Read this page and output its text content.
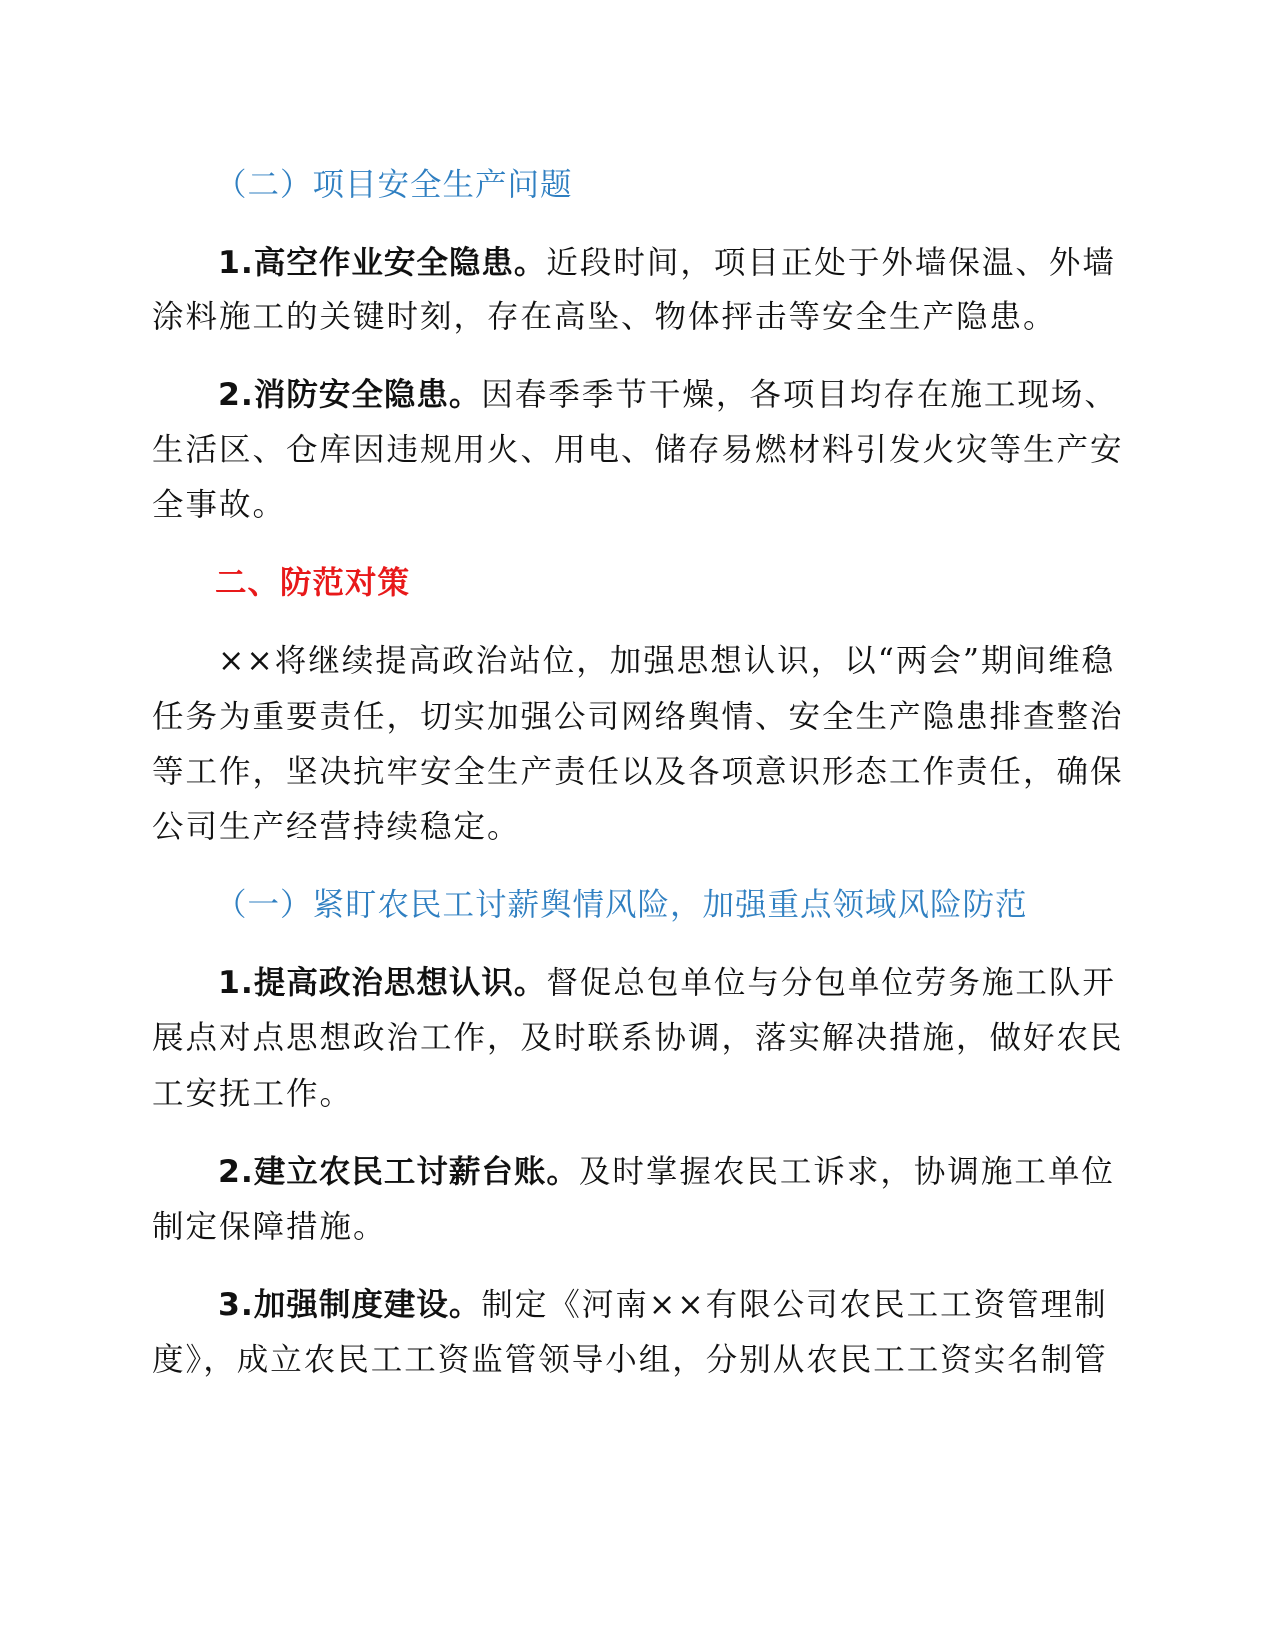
（二）项目安全生产问题
1.高空作业安全隐患。近段时间，项目正处于外墙保温、外墙
涂料施工的关键时刻，存在高坠、物体抨击等安全生产隐患。
2.消防安全隐患。因春季季节干燥，各项目均存在施工现场、
生活区、仓库因违规用火、用电、储存易燃材料引发火灾等生产安
全事故。
二、防范对策
××将继续提高政治站位，加强思想认识，以“两会”期间维稳
任务为重要责任，切实加强公司网络舆情、安全生产隐患排查整治
等工作，坚决抗牢安全生产责任以及各项意识形态工作责任，确保
公司生产经营持续稳定。
（一）紧盯农民工讨薪舆情风险，加强重点领域风险防范
1.提高政治思想认识。督促总包单位与分包单位劳务施工队开
展点对点思想政治工作，及时联系协调，落实解决措施，做好农民
工安抚工作。
2.建立农民工讨薪台账。及时掌握农民工诉求，协调施工单位
制定保障措施。
3.加强制度建设。制定《河南××有限公司农民工工资管理制
度》，成立农民工工资监管领导小组，分别从农民工工资实名制管
